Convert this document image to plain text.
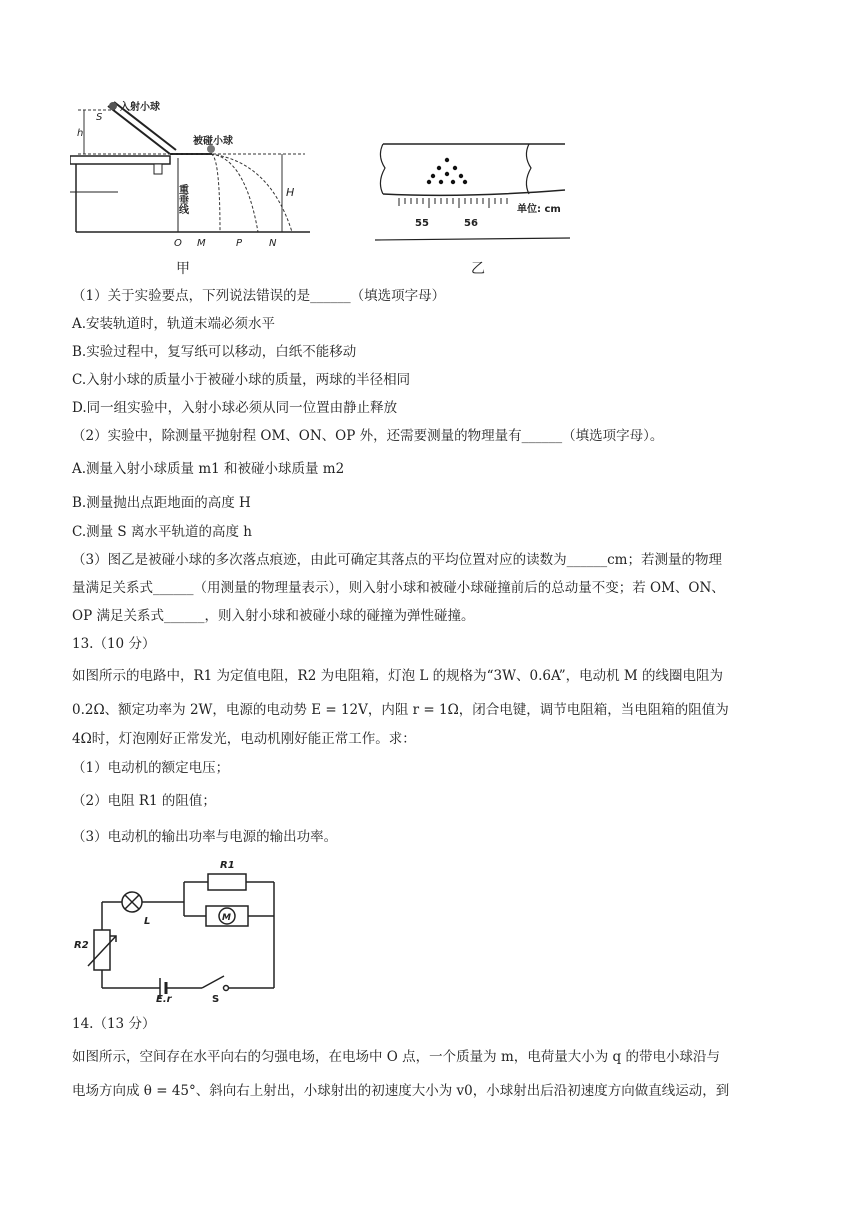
入射小球
S
h
被碰小球
重垂线	H
O M	P	N
甲
55	56
单位: cm
乙
（1）关于实验要点，下列说法错误的是______（填选项字母）
A.安装轨道时，轨道末端必须水平
B.实验过程中，复写纸可以移动，白纸不能移动
C.入射小球的质量小于被碰小球的质量，两球的半径相同
D.同一组实验中，入射小球必须从同一位置由静止释放
（2）实验中，除测量平抛射程 OM、ON、OP 外，还需要测量的物理量有______（填选项字母）。
A.测量入射小球质量 m1 和被碰小球质量 m2
B.测量抛出点距地面的高度 H
C.测量 S 离水平轨道的高度 h
（3）图乙是被碰小球的多次落点痕迹，由此可确定其落点的平均位置对应的读数为______cm；若测量的物理
量满足关系式______（用测量的物理量表示），则入射小球和被碰小球碰撞前后的总动量不变；若 OM、ON、
OP 满足关系式______，则入射小球和被碰小球的碰撞为弹性碰撞。
13.（10 分）
如图所示的电路中，R1 为定值电阻，R2 为电阻箱，灯泡 L 的规格为“3W、0.6A”，电动机 M 的线圈电阻为
0.2Ω、额定功率为 2W，电源的电动势 E = 12V，内阻 r = 1Ω，闭合电键，调节电阻箱，当电阻箱的阻值为
4Ω时，灯泡刚好正常发光，电动机刚好能正常工作。求：
（1）电动机的额定电压；
（2）电阻 R1 的阻值；
（3）电动机的输出功率与电源的输出功率。
R1
L	M
R2
E,r	S
14.（13 分）
如图所示，空间存在水平向右的匀强电场，在电场中 O 点，一个质量为 m，电荷量大小为 q 的带电小球沿与
电场方向成 θ = 45°、斜向右上射出，小球射出的初速度大小为 v0，小球射出后沿初速度方向做直线运动，到
